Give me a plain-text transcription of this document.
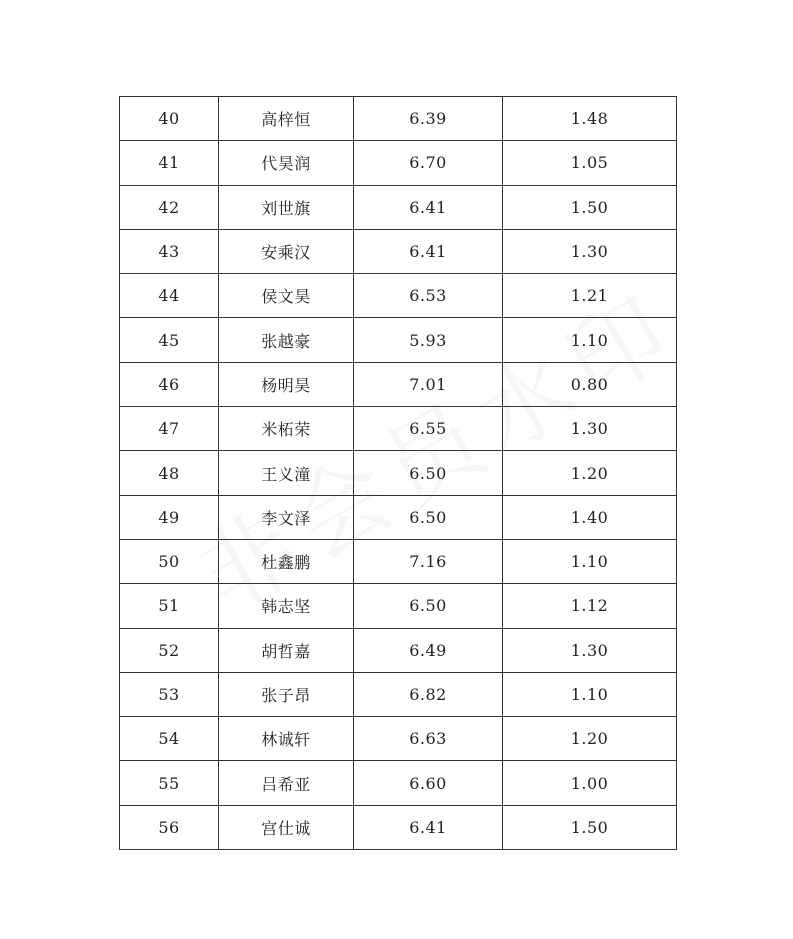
40	高梓恒	6.39	1.48
41	代昊润	6.70	1.05
42	刘世旗	6.41	1.50
43	安乘汉	6.41	1.30
44	侯文昊	6.53	1.21
45	张越豪	5.93	1.10
46	杨明昊	7.01	0.80
47	米柘荣	6.55	1.30
48	王义潼	6.50	1.20
49	李文泽	6.50	1.40
50	杜鑫鹏	7.16	1.10
51	韩志坚	6.50	1.12
52	胡哲嘉	6.49	1.30
53	张子昂	6.82	1.10
54	林诚轩	6.63	1.20
55	吕希亚	6.60	1.00
56	宫仕诚	6.41	1.50
